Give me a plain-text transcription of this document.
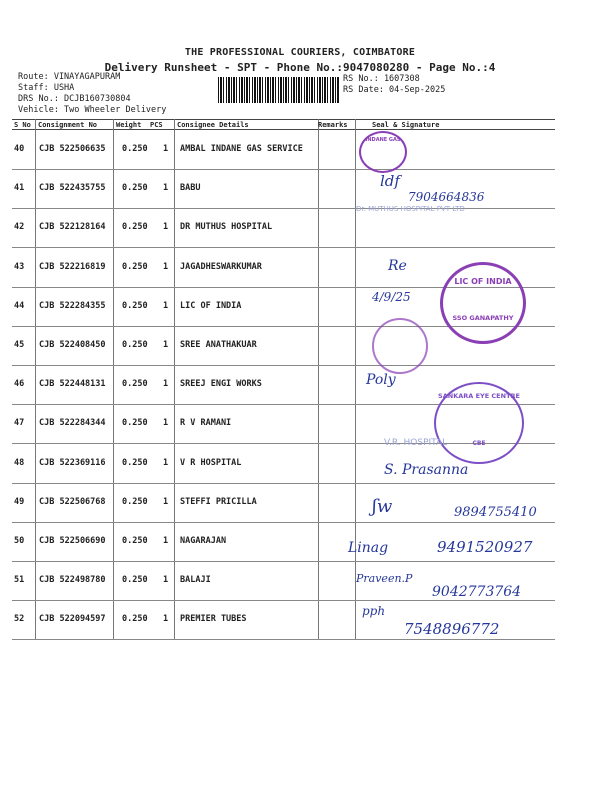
THE PROFESSIONAL COURIERS, COIMBATORE
Delivery Runsheet - SPT - Phone No.:9047080280 - Page No.:4
Route: VINAYAGAPURAM
Staff: USHA
DRS No.: DCJB160730804
Vehicle: Two Wheeler Delivery
RS No.: 1607308
RS Date: 04-Sep-2025
S No Consignment No	Weight PCS Consignee Details	Remarks	Seal & Signature
40 CJB 522506635 0.250 1 AMBAL INDANE GAS SERVICE
41 CJB 522435755 0.250 1 BABU
42 CJB 522128164 0.250 1 DR MUTHUS HOSPITAL
43 CJB 522216819 0.250 1 JAGADHESWARKUMAR
44 CJB 522284355 0.250 1 LIC OF INDIA
45 CJB 522408450 0.250 1 SREE ANATHAKUAR
46 CJB 522448131 0.250 1 SREEJ ENGI WORKS
47 CJB 522284344 0.250 1 R V RAMANI
48 CJB 522369116 0.250 1 V R HOSPITAL
49 CJB 522506768 0.250 1 STEFFI PRICILLA
50 CJB 522506690 0.250 1 NAGARAJAN
51 CJB 522498780 0.250 1 BALAJI
52 CJB 522094597 0.250 1 PREMIER TUBES
INDANE GAS
LIC OF INDIA
SSO GANAPATHY
SANKARA EYE CENTRE
CBE
Dr. MUTHUS HOSPITAL PVT LTD
V.R. HOSPITAL
ldf
7904664836
Re
4/9/25
Poly
S. Prasanna
ʃw	9894755410
Linag	9491520927
Praveen.P
9042773764
pph
7548896772
